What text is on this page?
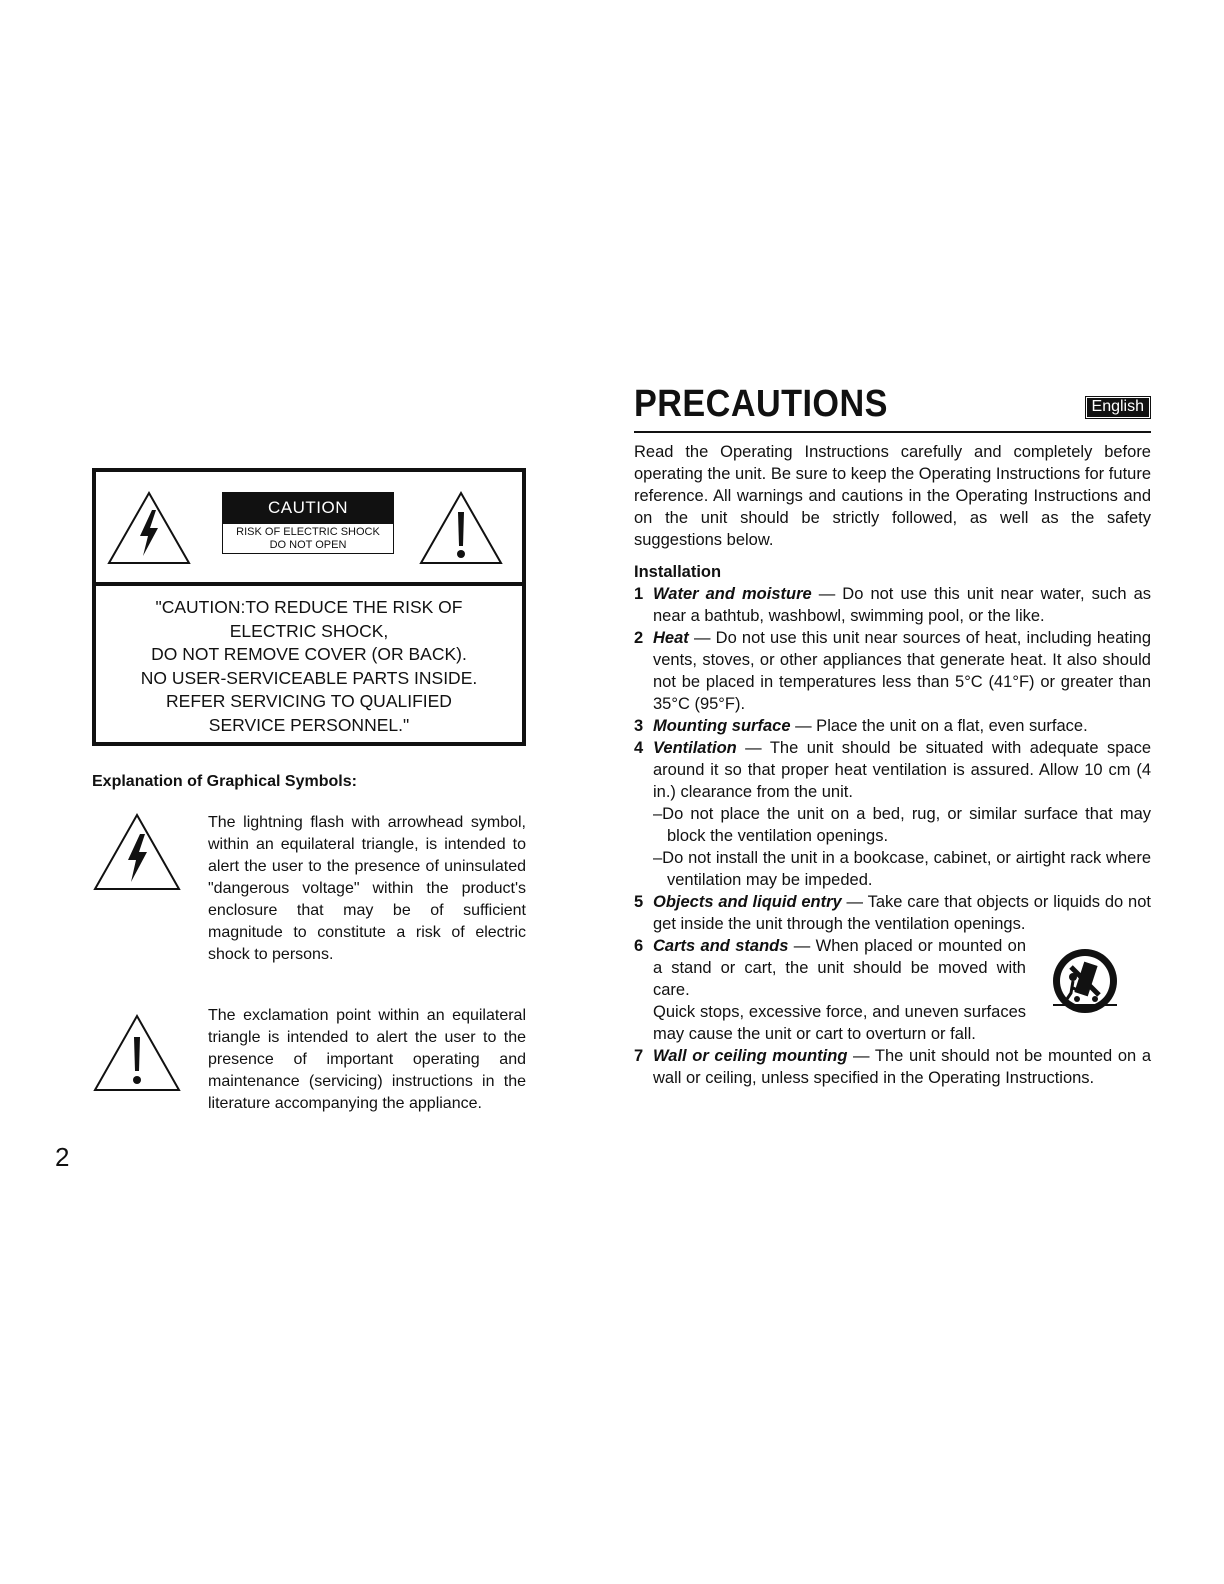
CAUTION
RISK OF ELECTRIC SHOCK
DO NOT OPEN
"CAUTION:TO REDUCE THE RISK OF
ELECTRIC SHOCK,
DO NOT REMOVE COVER (OR BACK).
NO USER-SERVICEABLE PARTS INSIDE.
REFER SERVICING TO QUALIFIED
SERVICE PERSONNEL."
Explanation of Graphical Symbols:

The lightning flash with arrowhead symbol, within an equilateral triangle, is intended to alert the user to the presence of uninsulated "dangerous voltage" within the product's enclosure that may be of sufficient magnitude to constitute a risk of electric shock to persons.

The exclamation point within an equilateral triangle is intended to alert the user to the presence of important operating and maintenance (servicing) instructions in the literature accompanying the appliance.

2
PRECAUTIONS	English

Read the Operating Instructions carefully and completely before operating the unit. Be sure to keep the Operating Instructions for future reference. All warnings and cautions in the Operating Instructions and on the unit should be strictly followed, as well as the safety suggestions below.

Installation
1 Water and moisture — Do not use this unit near water, such as near a bathtub, washbowl, swimming pool, or the like.
2 Heat — Do not use this unit near sources of heat, including heating vents, stoves, or other appliances that generate heat. It also should not be placed in temperatures less than 5°C (41°F) or greater than 35°C (95°F).
3 Mounting surface — Place the unit on a flat, even surface.
4 Ventilation — The unit should be situated with adequate space around it so that proper heat ventilation is assured. Allow 10 cm (4 in.) clearance from the unit.
–Do not place the unit on a bed, rug, or similar surface that may block the ventilation openings.
–Do not install the unit in a bookcase, cabinet, or airtight rack where ventilation may be impeded.
5 Objects and liquid entry — Take care that objects or liquids do not get inside the unit through the ventilation openings.
6 Carts and stands — When placed or mounted on a stand or cart, the unit should be moved with care.
Quick stops, excessive force, and uneven surfaces may cause the unit or cart to overturn or fall.
7 Wall or ceiling mounting — The unit should not be mounted on a wall or ceiling, unless specified in the Operating Instructions.
